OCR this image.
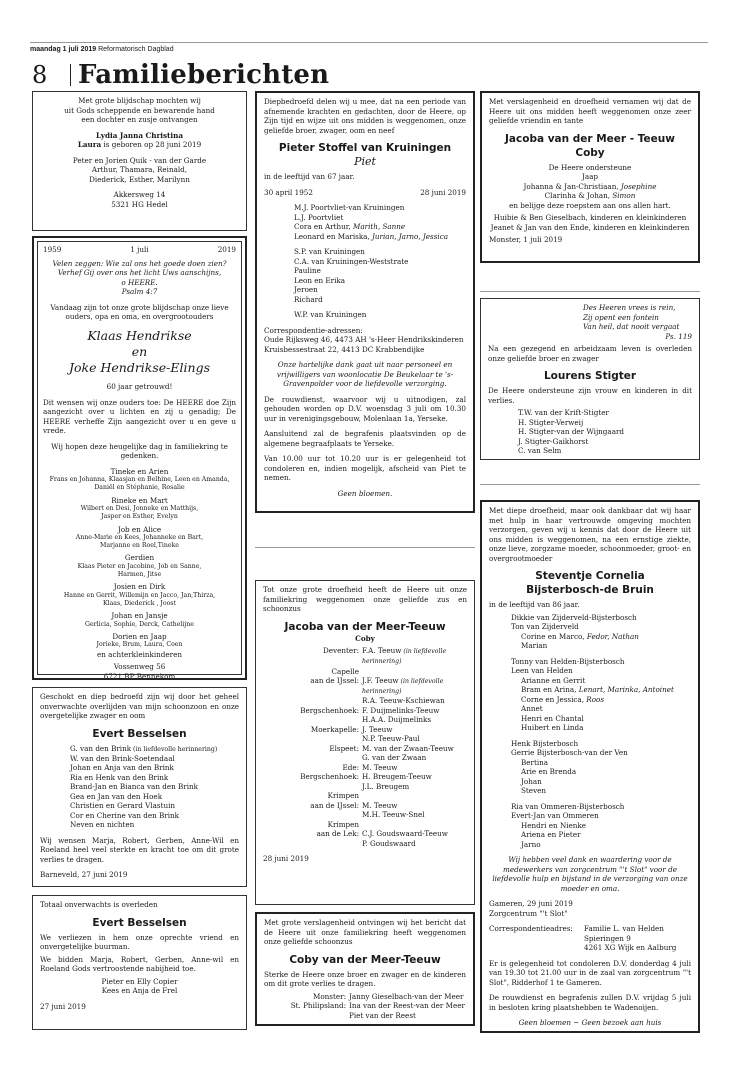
maandag 1 juli 2019 Reformatorisch Dagblad
8 Familieberichten
Met grote blijdschap mochten wij
uit Gods scheppende en bewarende hand
een dochter en zusje ontvangen
Lydia Janna Christina
Laura is geboren op 28 juni 2019
Peter en Jorien Quik - van der Garde
Arthur, Thamara, Reinald,
Diederick, Esther, Marilynn
Akkersweg 14
5321 HG Hedel
1959	1 juli	2019
Velen zeggen: Wie zal ons het goede doen zien?
Verhef Gij over ons het licht Uws aanschijns,
o HEERE.
Psalm 4:7
Vandaag zijn tot onze grote blijdschap onze lieve ouders, opa en oma, en overgrootouders
Klaas Hendrikse
en
Joke Hendrikse-Elings
60 jaar getrouwd!
Dit wensen wij onze ouders toe: De HEERE doe Zijn aangezicht over u lichten en zij u genadig; De HEERE verheffe Zijn aangezicht over u en geve u vrede.
Wij hopen deze heugelijke dag in familiekring te gedenken.
Tineke en Arien
Frans en Johanna, Klaasjan en Belhine, Leen en Amanda,
Daniël en Stéphanie, Rosalie
Rineke en Mart
Wilbert en Desi, Jonneke en Matthijs,
Jasper en Esther, Evelyn
Job en Alice
Anne-Marie en Kees, Johanneke en Bart,
Marjanne en Roel,Tineke
Gerdien
Klaas Pieter en Jacobine, Job en Sanne,
Harmen, Jitse
Josien en Dirk
Hanne en Gerrit, Willemijn en Jacco, Jan,Thirza,
Klaas, Diederick , Joost
Johan en Jansje
Gerlicia, Sophie, Derck, Cathelijne
Dorien en Jaap
Jorieke, Brum, Laura, Coen
en achterkleinkinderen
Vossenweg 56
6721 BP Bennekom
Geschokt en diep bedroefd zijn wij door het geheel onverwachte overlijden van mijn schoonzoon en onze overgetelijke zwager en oom
Evert Besselsen
G. van den Brink (in liefdevolle herinnering)
W. van den Brink-Soetendaal
Johan en Anja van den Brink
Ria en Henk van den Brink
Brand-Jan en Bianca van den Brink
Gea en Jan van den Hoek
Christien en Gerard Vlastuin
Cor en Cherine van den Brink
Neven en nichten
Wij wensen Marja, Robert, Gerben, Anne-Wil en Roeland heel veel sterkte en kracht toe om dit grote verlies te dragen.
Barneveld, 27 juni 2019
Totaal onverwachts is overleden
Evert Besselsen
We verliezen in hem onze oprechte vriend en onvergetelijke buurman.
We bidden Marja, Robert, Gerben, Anne-wil en Roeland Gods vertroostende nabijheid toe.
Pieter en Elly Copier
Kees en Anja de Frel
27 juni 2019
Diepbedroefd delen wij u mee, dat na een periode van afnemende krachten en gedachten, door de Heere, op Zijn tijd en wijze uit ons midden is weggenomen, onze geliefde broer, zwager, oom en neef
Pieter Stoffel van Kruiningen
Piet
in de leeftijd van 67 jaar.
30 april 1952	28 juni 2019
M.J. Poortvliet-van Kruiningen
L.J. Poortvliet
Cora en Arthur, Marith, Sanne
Leonard en Mariska, Jurian, Jarno, Jessica
S.P. van Kruiningen
C.A. van Kruiningen-Weststrate
Pauline
Leon en Erika
Jeroen
Richard
W.P. van Kruiningen
Correspondentie-adressen:
Oude Rijksweg 46, 4473 AH 's-Heer Hendrikskinderen
Kruisbessestraat 22, 4413 DC Krabbendijke
Onze hartelijke dank gaat uit naar personeel en vrijwilligers van woonlocatie De Beukelaar te 's-Gravenpolder voor de liefdevolle verzorging.
De rouwdienst, waarvoor wij u uitnodigen, zal gehouden worden op D.V. woensdag 3 juli om 10.30 uur in verenigingsgebouw, Molenlaan 1a, Yerseke.
Aansluitend zal de begrafenis plaatsvinden op de algemene begraafplaats te Yerseke.
Van 10.00 uur tot 10.20 uur is er gelegenheid tot condoleren en, indien mogelijk, afscheid van Piet te nemen.
Geen bloemen.
Tot onze grote droefheid heeft de Heere uit onze familiekring weggenomen onze geliefde zus en schoonzus
Jacoba van der Meer-Teeuw
Coby
Deventer: F.A. Teeuw (in liefdevolle herinnering)
Capelle
aan de IJssel: J.F. Teeuw (in liefdevolle herinnering)
R.A. Teeuw-Kschiewan
Bergschenhoek: F. Duijmelinks-Teeuw
H.A.A. Duijmelinks
Moerkapelle: J. Teeuw
N.P. Teeuw-Paul
Elspeet: M. van der Zwaan-Teeuw
G. van der Zwaan
Ede: M. Teeuw
Bergschenhoek: H. Breugem-Teeuw
J.L. Breugem
Krimpen
aan de IJssel: M. Teeuw
M.H. Teeuw-Snel
Krimpen
aan de Lek: C.J. Goudswaard-Teeuw
P. Goudswaard
28 juni 2019
Met grote verslagenheid ontvingen wij het bericht dat de Heere uit onze familiekring heeft weggenomen onze geliefde schoonzus
Coby van der Meer-Teeuw
Sterke de Heere onze broer en zwager en de kinderen om dit grote verlies te dragen.
Monster: Janny Gieselbach-van der Meer
St. Philipsland: Ina van der Reest-van der Meer
Piet van der Reest
Met verslagenheid en droefheid vernamen wij dat de Heere uit ons midden heeft weggenomen onze zeer geliefde vriendin en tante
Jacoba van der Meer - Teeuw
Coby
De Heere ondersteune
Jaap
Johanna & Jan-Christiaan, Josephine
Clarinha & Johan, Simon
en belijge deze roepstem aan ons allen hart.
Huibie & Ben Gieselbach, kinderen en kleinkinderen
Jeanet & Jan van den Ende, kinderen en kleinkinderen
Monster, 1 juli 2019
Des Heeren vrees is rein,
Zij opent een fontein
Van heil, dat nooit vergaat
Ps. 119
Na een gezegend en arbeidzaam leven is overleden onze geliefde broer en zwager
Lourens Stigter
De Heere ondersteune zijn vrouw en kinderen in dit verlies.
T.W. van der Krift-Stigter
H. Stigter-Verweij
H. Stigter-van der Wijngaard
J. Stigter-Gaikhorst
C. van Selm
Met diepe droefheid, maar ook dankbaar dat wij haar met hulp in haar vertrouwde omgeving mochten verzorgen, geven wij u kennis dat door de Heere uit ons midden is weggenomen, na een ernstige ziekte, onze lieve, zorgzame moeder, schoonmoeder, groot- en overgrootmoeder
Steventje Cornelia
Bijsterbosch-de Bruin
in de leeftijd van 86 jaar.
Dikkie van Zijderveld-Bijsterbosch
Ton van Zijderveld
Corine en Marco, Fedor, Nathan
Marian
Tonny van Helden-Bijsterbosch
Leen van Helden
Arianne en Gerrit
Bram en Arina, Lenart, Marinka, Antoinet
Corne en Jessica, Roos
Annet
Henri en Chantal
Huibert en Linda
Henk Bijsterbosch
Gerrie Bijsterbosch-van der Ven
Bertina
Arie en Brenda
Johan
Steven
Ria van Ommeren-Bijsterbosch
Evert-Jan van Ommeren
Hendri en Nienke
Ariena en Pieter
Jarno
Wij hebben veel dank en waardering voor de medewerkers van zorgcentrum "'t Slot" voor de liefdevolle hulp en bijstand in de verzorging van onze moeder en oma.
Gameren, 29 juni 2019
Zorgcentrum "'t Slot"
Correspondentieadres:	Familie L. van Helden
Spieringen 9
4261 XG Wijk en Aalburg
Er is gelegenheid tot condoleren D.V. donderdag 4 juli van 19.30 tot 21.00 uur in de zaal van zorgcentrum "'t Slot", Ridderhof 1 te Gameren.
De rouwdienst en begrafenis zullen D.V. vrijdag 5 juli in besloten kring plaatshebben te Wadenoijen.
Geen bloemen ~ Geen bezoek aan huis
